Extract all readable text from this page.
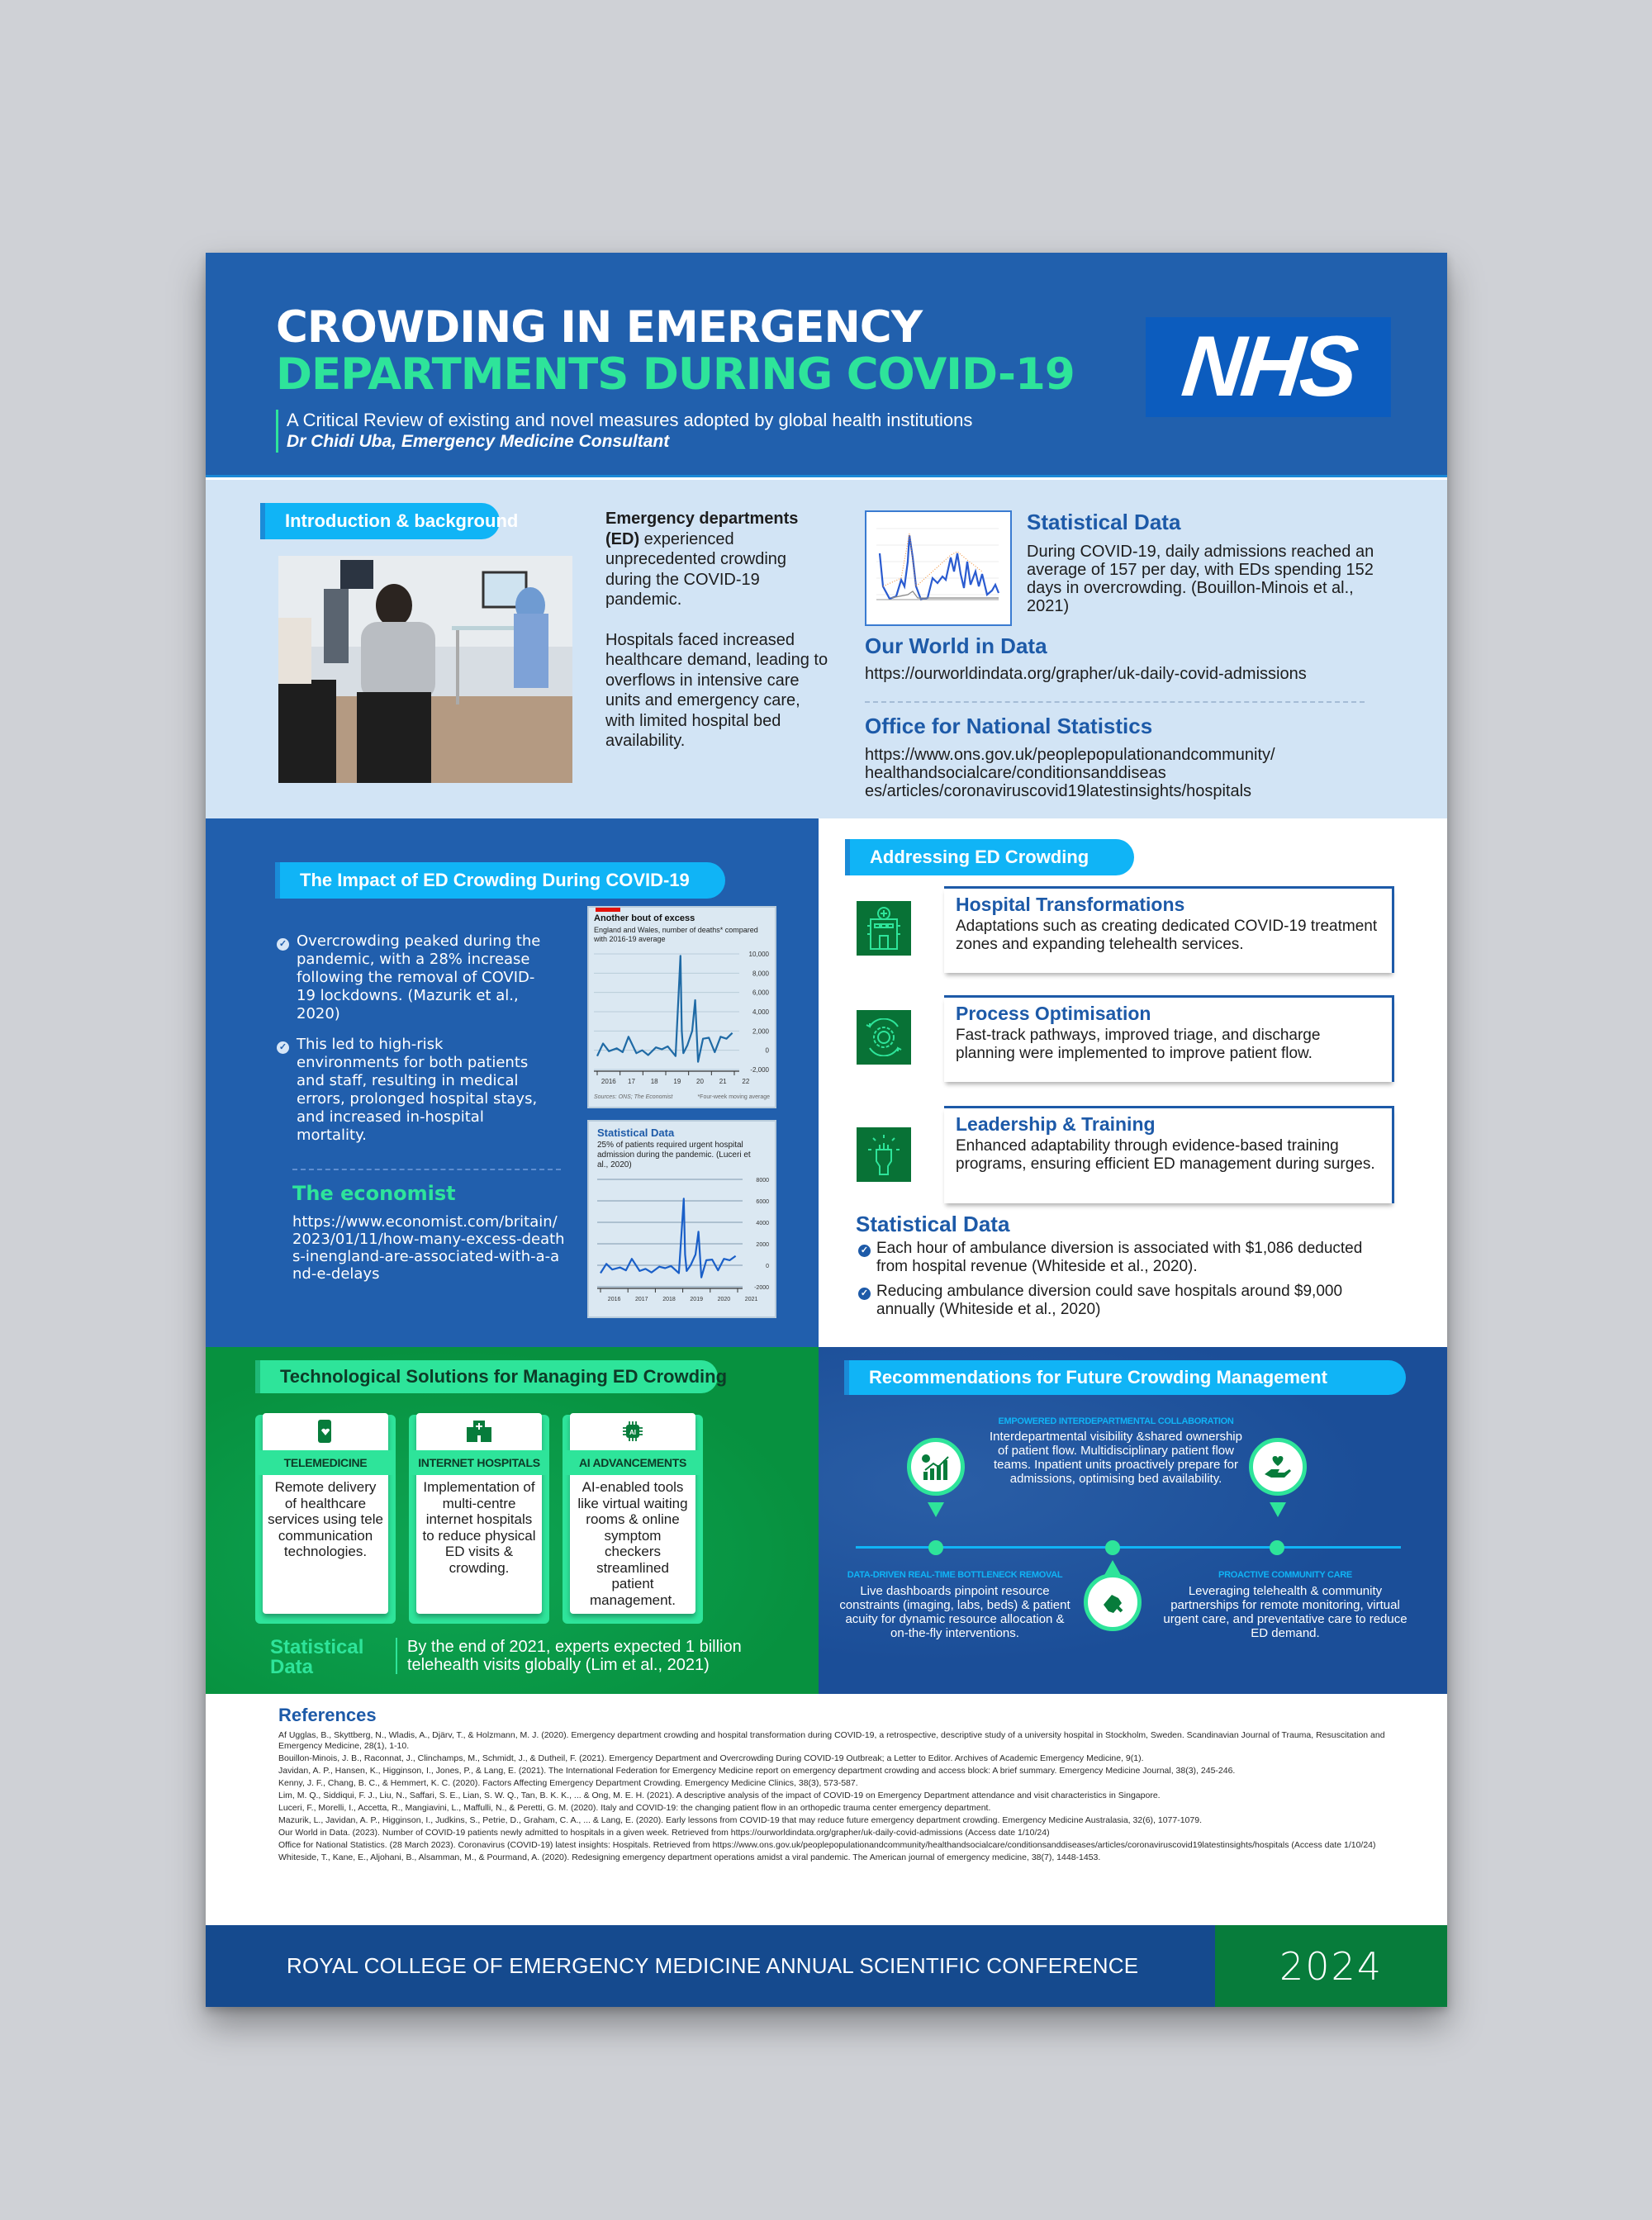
CROWDING IN EMERGENCY
DEPARTMENTS DURING COVID-19
A Critical Review of existing and novel measures adopted by global health institutions
Dr Chidi Uba, Emergency Medicine Consultant
NHS
Introduction & background	Emergency departments (ED) experienced unprecedented crowding during the COVID-19 pandemic.

Hospitals faced increased healthcare demand, leading to overflows in intensive care units and emergency care, with limited hospital bed availability.

Statistical Data
During COVID-19, daily admissions reached an average of 157 per day, with EDs spending 152 days in overcrowding. (Bouillon-Minois et al., 2021)
Our World in Data
https://ourworldindata.org/grapher/uk-daily-covid-admissions
Office for National Statistics
https://www.ons.gov.uk/peoplepopulationandcommunity/
healthandsocialcare/conditionsanddiseas
es/articles/coronaviruscovid19latestinsights/hospitals
The Impact of ED Crowding During COVID-19
✓ Overcrowding peaked during the pandemic, with a 28% increase following the removal of COVID-19 lockdowns. (Mazurik et al., 2020)
✓ This led to high-risk environments for both patients and staff, resulting in medical errors, prolonged hospital stays, and increased in-hospital mortality.
The economist
https://www.economist.com/britain/2023/01/11/how-many-excess-deaths-inengland-are-associated-with-a-and-e-delays
Another bout of excess
England and Wales, number of deaths* compared with 2016-19 average
10,000
8,000
6,000
4,000
2,000
0
-2,000
2016 17 18 19 20 21 22
Sources: ONS; The Economist	*Four-week moving average
Statistical Data
25% of patients required urgent hospital admission during the pandemic. (Luceri et al., 2020)
8000
6000
4000
2000
0
-2000
2016	2017	2018	2019	2020	2021
Addressing ED Crowding
Hospital Transformations

Adaptations such as creating dedicated COVID-19 treatment zones and expanding telehealth services.

Process Optimisation

Fast-track pathways, improved triage, and discharge planning were implemented to improve patient flow.

Leadership & Training

Enhanced adaptability through evidence-based training programs, ensuring efficient ED management during surges.

Statistical Data
✓ Each hour of ambulance diversion is associated with $1,086 deducted from hospital revenue (Whiteside et al., 2020).
✓ Reducing ambulance diversion could save hospitals around $9,000 annually (Whiteside et al., 2020)
Technological Solutions for Managing ED Crowding
TELEMEDICINE
Remote delivery of healthcare services using tele communication technologies.
INTERNET HOSPITALS
Implementation of multi-centre internet hospitals to reduce physical ED visits & crowding.
AI
AI ADVANCEMENTS
AI-enabled tools like virtual waiting rooms & online symptom checkers streamlined patient management.
Statistical
Data
By the end of 2021, experts expected 1 billion telehealth visits globally (Lim et al., 2021)
Recommendations for Future Crowding Management
EMPOWERED INTERDEPARTMENTAL COLLABORATION
Interdepartmental visibility &shared ownership of patient flow. Multidisciplinary patient flow teams. Inpatient units proactively prepare for admissions, optimising bed availability.
DATA-DRIVEN REAL-TIME BOTTLENECK REMOVAL
Live dashboards pinpoint resource constraints (imaging, labs, beds) & patient acuity for dynamic resource allocation & on-the-fly interventions.
PROACTIVE COMMUNITY CARE
Leveraging telehealth & community partnerships for remote monitoring, virtual urgent care, and preventative care to reduce ED demand.
References
Af Ugglas, B., Skyttberg, N., Wladis, A., Djärv, T., & Holzmann, M. J. (2020). Emergency department crowding and hospital transformation during COVID-19, a retrospective, descriptive study of a university hospital in Stockholm, Sweden. Scandinavian Journal of Trauma, Resuscitation and Emergency Medicine, 28(1), 1-10.
Bouillon-Minois, J. B., Raconnat, J., Clinchamps, M., Schmidt, J., & Dutheil, F. (2021). Emergency Department and Overcrowding During COVID-19 Outbreak; a Letter to Editor. Archives of Academic Emergency Medicine, 9(1).
Javidan, A. P., Hansen, K., Higginson, I., Jones, P., & Lang, E. (2021). The International Federation for Emergency Medicine report on emergency department crowding and access block: A brief summary. Emergency Medicine Journal, 38(3), 245-246.
Kenny, J. F., Chang, B. C., & Hemmert, K. C. (2020). Factors Affecting Emergency Department Crowding. Emergency Medicine Clinics, 38(3), 573-587.
Lim, M. Q., Siddiqui, F. J., Liu, N., Saffari, S. E., Lian, S. W. Q., Tan, B. K. K., ... & Ong, M. E. H. (2021). A descriptive analysis of the impact of COVID-19 on Emergency Department attendance and visit characteristics in Singapore.
Luceri, F., Morelli, I., Accetta, R., Mangiavini, L., Maffulli, N., & Peretti, G. M. (2020). Italy and COVID-19: the changing patient flow in an orthopedic trauma center emergency department.
Mazurik, L., Javidan, A. P., Higginson, I., Judkins, S., Petrie, D., Graham, C. A., ... & Lang, E. (2020). Early lessons from COVID-19 that may reduce future emergency department crowding. Emergency Medicine Australasia, 32(6), 1077-1079.
Our World in Data. (2023). Number of COVID-19 patients newly admitted to hospitals in a given week. Retrieved from https://ourworldindata.org/grapher/uk-daily-covid-admissions (Access date 1/10/24)
Office for National Statistics. (28 March 2023). Coronavirus (COVID-19) latest insights: Hospitals. Retrieved from https://www.ons.gov.uk/peoplepopulationandcommunity/healthandsocialcare/conditionsanddiseases/articles/coronaviruscovid19latestinsights/hospitals (Access date 1/10/24)
Whiteside, T., Kane, E., Aljohani, B., Alsamman, M., & Pourmand, A. (2020). Redesigning emergency department operations amidst a viral pandemic. The American journal of emergency medicine, 38(7), 1448-1453.
ROYAL COLLEGE OF EMERGENCY MEDICINE ANNUAL SCIENTIFIC CONFERENCE	2024
